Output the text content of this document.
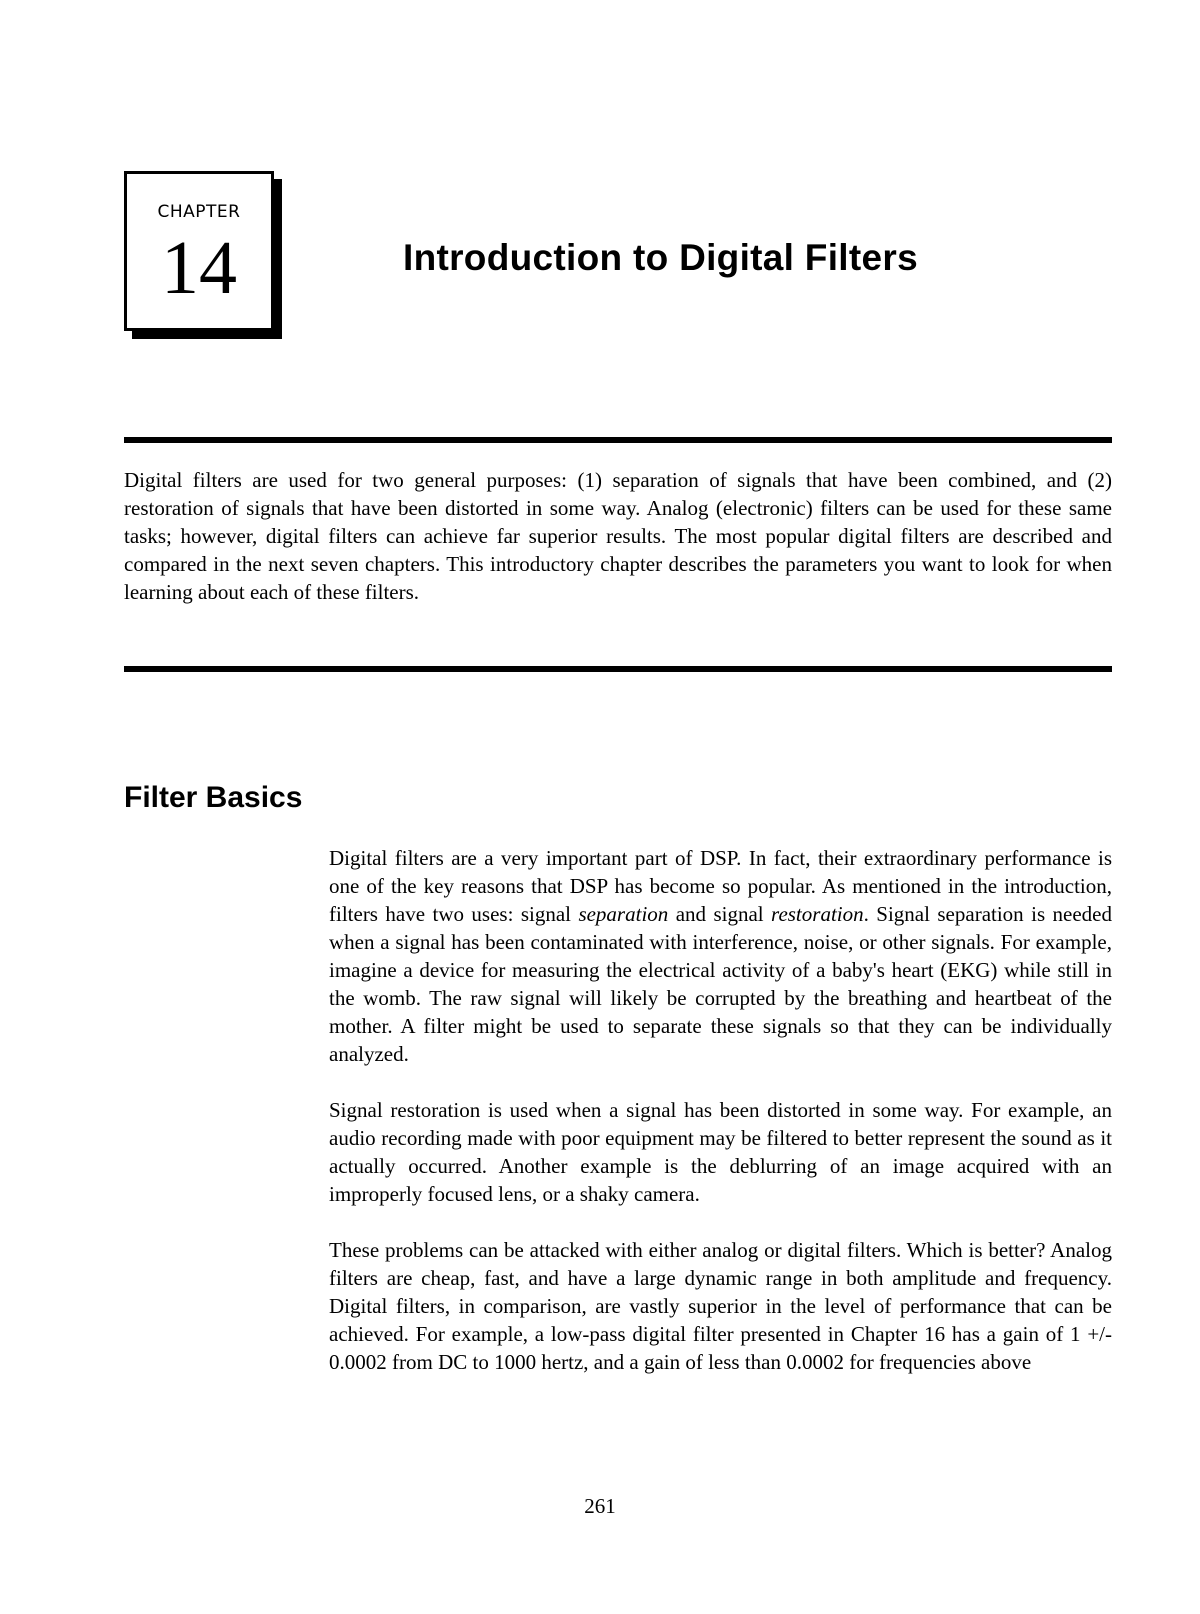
CHAPTER
14	Introduction to Digital Filters

Digital filters are used for two general purposes: (1) separation of signals that have been combined, and (2) restoration of signals that have been distorted in some way. Analog (electronic) filters can be used for these same tasks; however, digital filters can achieve far superior results. The most popular digital filters are described and compared in the next seven chapters. This introductory chapter describes the parameters you want to look for when learning about each of these filters.

Filter Basics

Digital filters are a very important part of DSP. In fact, their extraordinary performance is one of the key reasons that DSP has become so popular. As mentioned in the introduction, filters have two uses: signal separation and signal restoration. Signal separation is needed when a signal has been contaminated with interference, noise, or other signals. For example, imagine a device for measuring the electrical activity of a baby's heart (EKG) while still in the womb. The raw signal will likely be corrupted by the breathing and heartbeat of the mother. A filter might be used to separate these signals so that they can be individually analyzed.

Signal restoration is used when a signal has been distorted in some way. For example, an audio recording made with poor equipment may be filtered to better represent the sound as it actually occurred. Another example is the deblurring of an image acquired with an improperly focused lens, or a shaky camera.

These problems can be attacked with either analog or digital filters. Which is better? Analog filters are cheap, fast, and have a large dynamic range in both amplitude and frequency. Digital filters, in comparison, are vastly superior in the level of performance that can be achieved. For example, a low-pass digital filter presented in Chapter 16 has a gain of 1 +/- 0.0002 from DC to 1000 hertz, and a gain of less than 0.0002 for frequencies above

261
